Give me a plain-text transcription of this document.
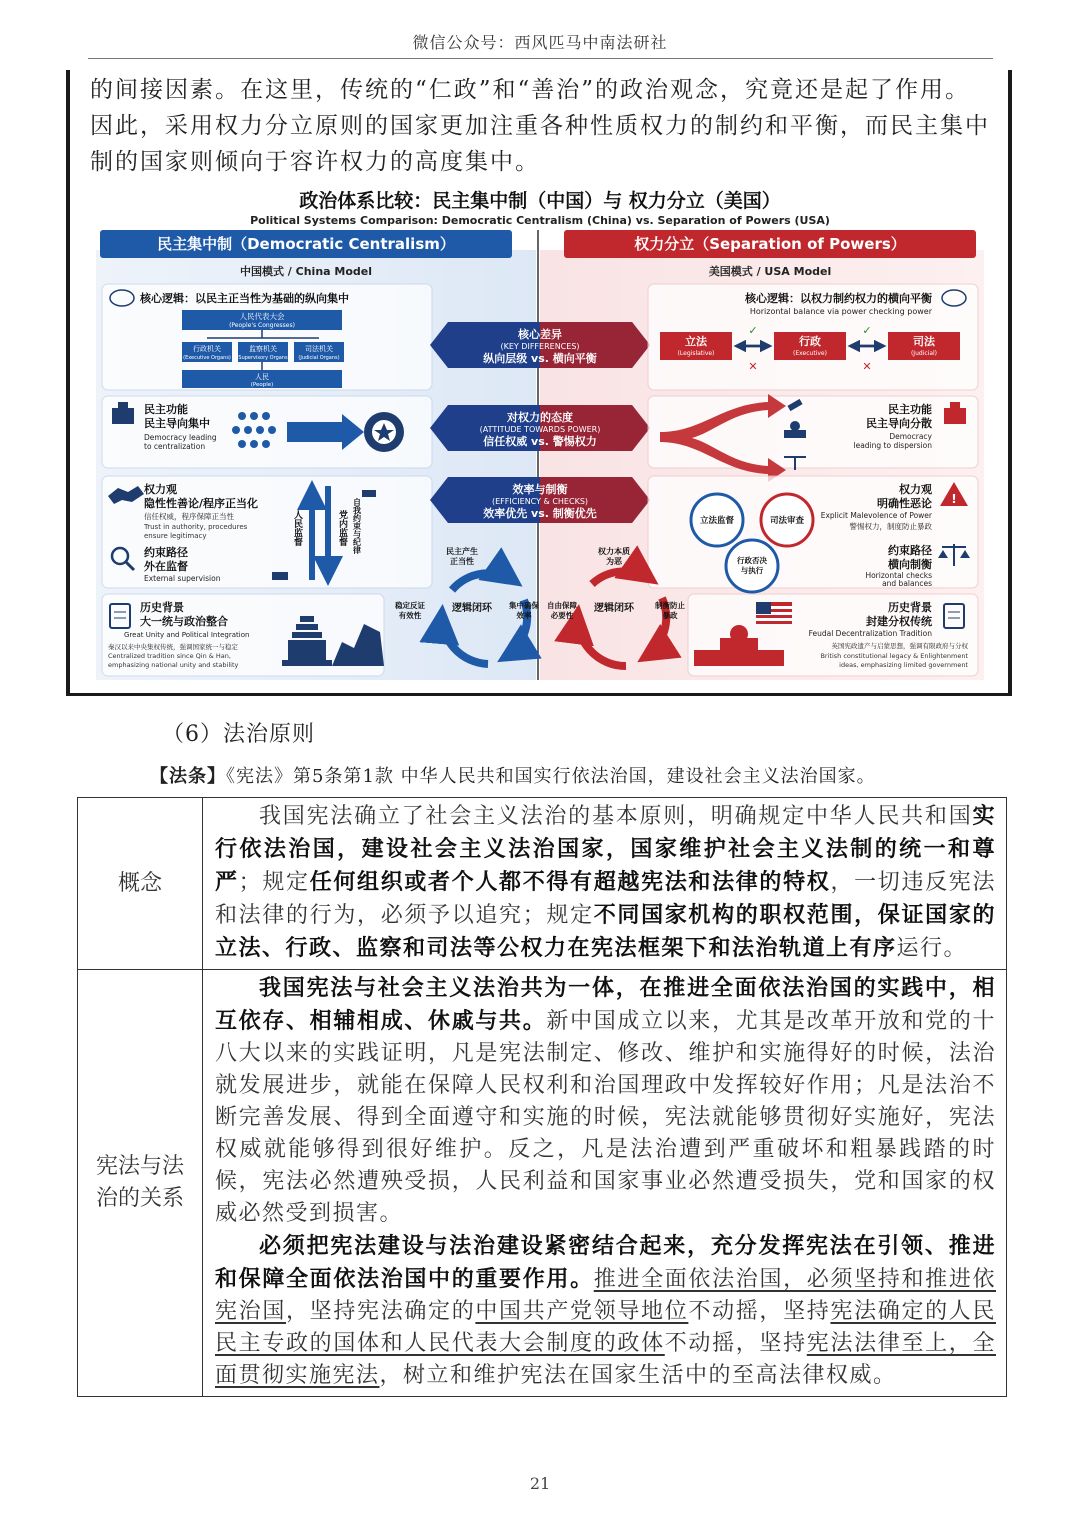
微信公众号：西风匹马中南法研社

的间接因素。在这里，传统的“仁政”和“善治”的政治观念，究竟还是起了作用。

因此，采用权力分立原则的国家更加注重各种性质权力的制约和平衡，而民主集中

制的国家则倾向于容许权力的高度集中。

政治体系比较：民主集中制（中国）与 权力分立（美国）
Political Systems Comparison: Democratic Centralism (China) vs. Separation of Powers (USA)
民主集中制（Democratic Centralism）
中国模式 / China Model
权力分立（Separation of Powers）
美国模式 / USA Model
核心逻辑：以民主正当性为基础的纵向集中
人民代表大会
(People's Congresses)
行政机关
(Executive Organs)
监察机关
(Supervisory Organs)
司法机关
(Judicial Organs)
人民
(People)
民主功能
民主导向集中
Democracy leading
to centralization
权力观
隐性性善论/程序正当化
信任权威，程序保障正当性
Trust in authority, procedures
ensure legitimacy
约束路径
外在监督
External supervision
人民监督	党内监督 自我约束与纪律
历史背景
大一统与政治整合
Great Unity and Political Integration
秦汉以来中央集权传统，强调国家统一与稳定
Centralized tradition since Qin & Han,
emphasizing national unity and stability
民主产生
正当性
集中确保
效率
稳定反证
有效性
逻辑闭环
核心差异
(KEY DIFFERENCES)
纵向层级 vs. 横向平衡
对权力的态度
(ATTITUDE TOWARDS POWER)
信任权威 vs. 警惕权力
效率与制衡
(EFFICIENCY & CHECKS)
效率优先 vs. 制衡优先
核心逻辑：以权力制约权力的横向平衡
Horizontal balance via power checking power
立法
(Legislative)
行政
(Executive)
司法
(Judicial)
✓
✕
✓
✕
民主功能
民主导向分散
Democracy
leading to dispersion
!
权力观
明确性恶论
Explicit Malevolence of Power
警惕权力，制度防止暴政
约束路径
横向制衡
Horizontal checks
and balances
立法监督	司法审查
行政否决
与执行
历史背景
封建分权传统
Feudal Decentralization Tradition
英国宪政遗产与启蒙思想，强调有限政府与分权
British constitutional legacy & Enlightenment
ideas, emphasizing limited government
权力本质
为恶
制衡防止
暴政
自由保障
必要性
逻辑闭环
（6）法治原则
【法条】《宪法》第5条第1款 中华人民共和国实行依法治国，建设社会主义法治国家。
概念	我国宪法确立了社会主义法治的基本原则，明确规定中华人民共和国实行依法治国，建设社会主义法治国家，国家维护社会主义法制的统一和尊严；规定任何组织或者个人都不得有超越宪法和法律的特权，一切违反宪法和法律的行为，必须予以追究；规定不同国家机构的职权范围，保证国家的立法、行政、监察和司法等公权力在宪法框架下和法治轨道上有序运行。

宪法与法治的关系	我国宪法与社会主义法治共为一体，在推进全面依法治国的实践中，相互依存、相辅相成、休戚与共。新中国成立以来，尤其是改革开放和党的十八大以来的实践证明，凡是宪法制定、修改、维护和实施得好的时候，法治就发展进步，就能在保障人民权利和治国理政中发挥较好作用；凡是法治不断完善发展、得到全面遵守和实施的时候，宪法就能够贯彻好实施好，宪法权威就能够得到很好维护。反之，凡是法治遭到严重破坏和粗暴践踏的时候，宪法必然遭殃受损，人民利益和国家事业必然遭受损失，党和国家的权威必然受到损害。

必须把宪法建设与法治建设紧密结合起来，充分发挥宪法在引领、推进和保障全面依法治国中的重要作用。推进全面依法治国，必须坚持和推进依宪治国，坚持宪法确定的中国共产党领导地位不动摇，坚持宪法确定的人民民主专政的国体和人民代表大会制度的政体不动摇，坚持宪法法律至上，全面贯彻实施宪法，树立和维护宪法在国家生活中的至高法律权威。

21
